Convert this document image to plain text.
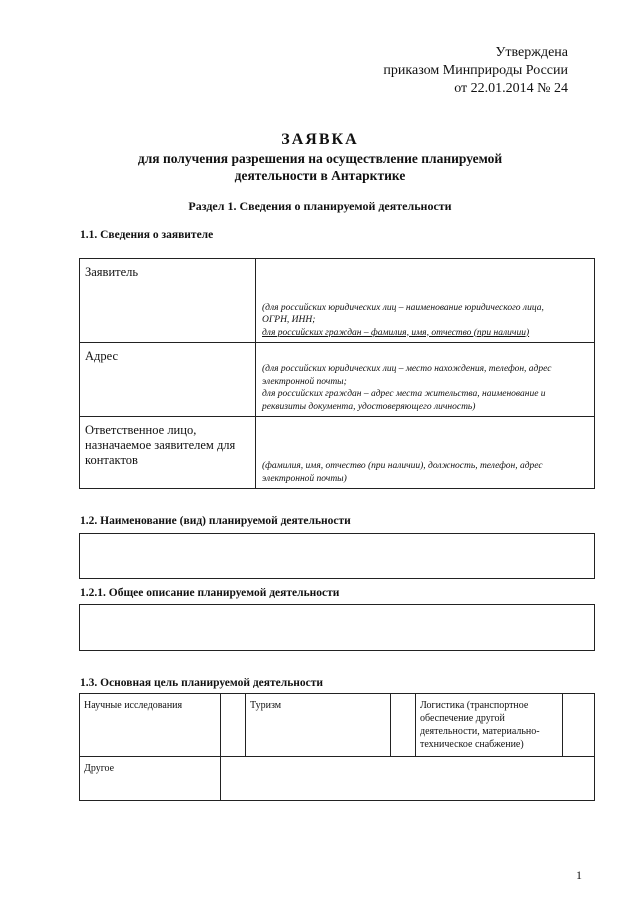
Утверждена
приказом Минприроды России
от 22.01.2014 № 24
ЗАЯВКА
для получения разрешения на осуществление планируемой
деятельности в Антарктике
Раздел 1. Сведения о планируемой деятельности
1.1. Сведения о заявителе
Заявитель	(для российских юридических лиц – наименование юридического лица,
ОГРН, ИНН;
для российских граждан – фамилия, имя, отчество (при наличии)

Адрес	(для российских юридических лиц – место нахождения, телефон, адрес
электронной почты;
для российских граждан – адрес места жительства, наименование и
реквизиты документа, удостоверяющего личность)

Ответственное лицо, назначаемое заявителем для контактов	(фамилия, имя, отчество (при наличии), должность, телефон, адрес
электронной почты)
1.2. Наименование (вид) планируемой деятельности
1.2.1. Общее описание планируемой деятельности
1.3. Основная цель планируемой деятельности
Научные исследования		Туризм		Логистика (транспортное обеспечение другой деятельности, материально-техническое снабжение)	
Другое					
1
